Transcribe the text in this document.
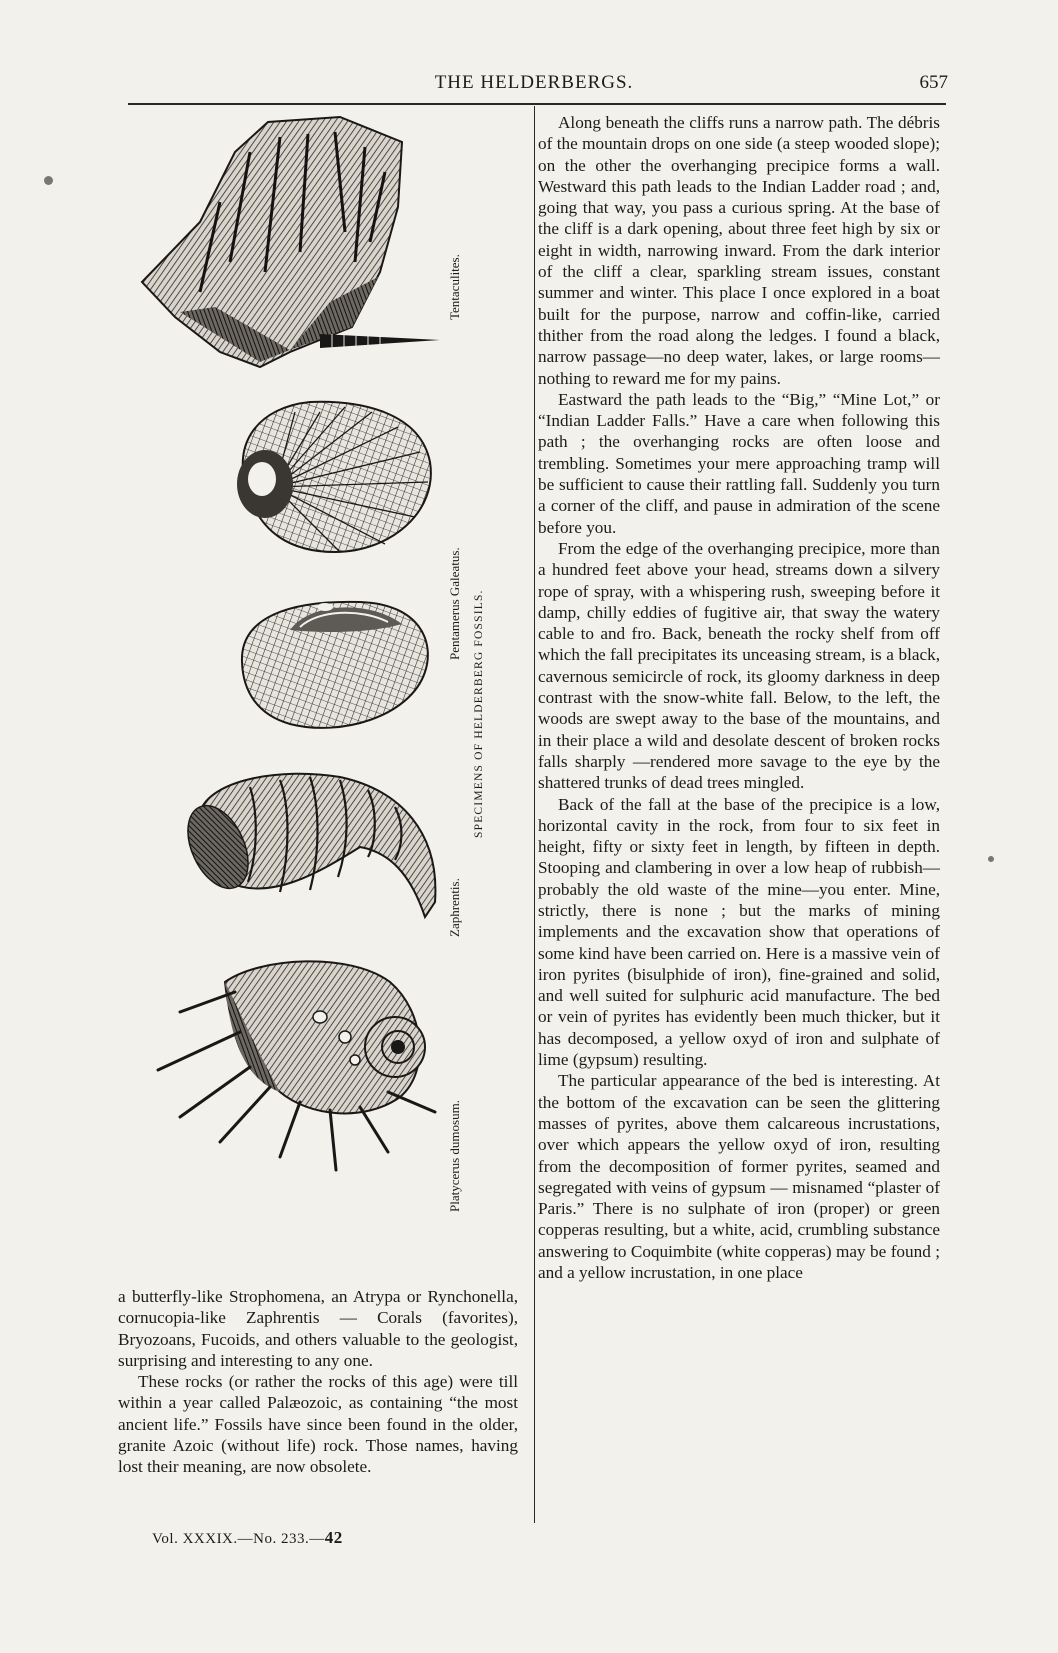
THE HELDERBERGS.	657
Tentaculites.
Pentamerus Galeatus. SPECIMENS OF HELDERBERG FOSSILS.
Zaphrentis.
Platycerus dumosum.

a butterfly-like Strophomena, an Atrypa or Rynchonella, cornucopia-like Zaphrentis — Corals (favorites), Bryozoans, Fucoids, and others valuable to the geologist, surprising and interesting to any one.

These rocks (or rather the rocks of this age) were till within a year called Palæozoic, as containing “the most ancient life.” Fossils have since been found in the older, granite Azoic (without life) rock. Those names, having lost their meaning, are now obsolete.

Along beneath the cliffs runs a narrow path. The débris of the mountain drops on one side (a steep wooded slope); on the other the overhanging precipice forms a wall. Westward this path leads to the Indian Ladder road ; and, going that way, you pass a curious spring. At the base of the cliff is a dark opening, about three feet high by six or eight in width, narrowing inward. From the dark interior of the cliff a clear, sparkling stream issues, constant summer and winter. This place I once explored in a boat built for the purpose, narrow and coffin-like, carried thither from the road along the ledges. I found a black, narrow passage—no deep water, lakes, or large rooms—nothing to reward me for my pains.

Eastward the path leads to the “Big,” “Mine Lot,” or “Indian Ladder Falls.” Have a care when following this path ; the overhanging rocks are often loose and trembling. Sometimes your mere approaching tramp will be sufficient to cause their rattling fall. Suddenly you turn a corner of the cliff, and pause in admiration of the scene before you.

From the edge of the overhanging precipice, more than a hundred feet above your head, streams down a silvery rope of spray, with a whispering rush, sweeping before it damp, chilly eddies of fugitive air, that sway the watery cable to and fro. Back, beneath the rocky shelf from off which the fall precipitates its unceasing stream, is a black, cavernous semicircle of rock, its gloomy darkness in deep contrast with the snow-white fall. Below, to the left, the woods are swept away to the base of the mountains, and in their place a wild and desolate descent of broken rocks falls sharply —rendered more savage to the eye by the shattered trunks of dead trees mingled.

Back of the fall at the base of the precipice is a low, horizontal cavity in the rock, from four to six feet in height, fifty or sixty feet in length, by fifteen in depth. Stooping and clambering in over a low heap of rubbish—probably the old waste of the mine—you enter. Mine, strictly, there is none ; but the marks of mining implements and the excavation show that operations of some kind have been carried on. Here is a massive vein of iron pyrites (bisulphide of iron), fine-grained and solid, and well suited for sulphuric acid manufacture. The bed or vein of pyrites has evidently been much thicker, but it has decomposed, a yellow oxyd of iron and sulphate of lime (gypsum) resulting.

The particular appearance of the bed is interesting. At the bottom of the excavation can be seen the glittering masses of pyrites, above them calcareous incrustations, over which appears the yellow oxyd of iron, resulting from the decomposition of former pyrites, seamed and segregated with veins of gypsum — misnamed “plaster of Paris.” There is no sulphate of iron (proper) or green copperas resulting, but a white, acid, crumbling substance answering to Coquimbite (white copperas) may be found ; and a yellow incrustation, in one place

Vol. XXXIX.—No. 233.—42
